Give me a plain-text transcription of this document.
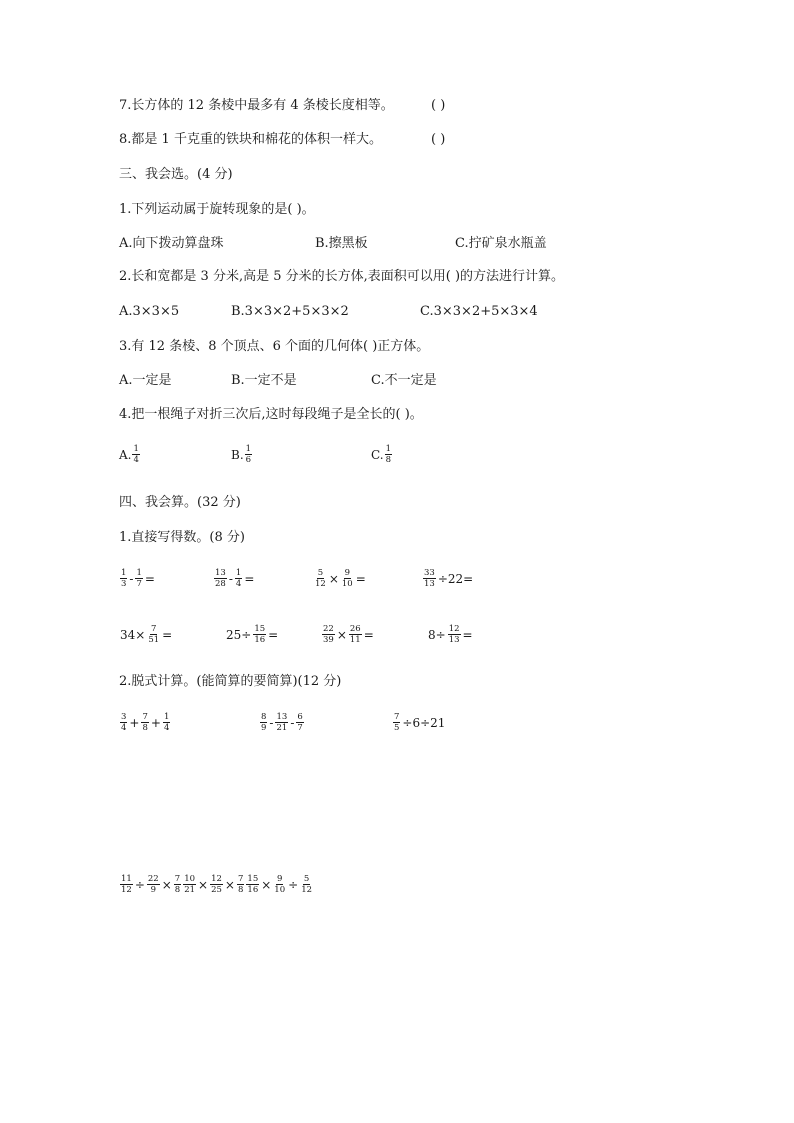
7.长方体的 12 条棱中最多有 4 条棱长度相等。	( )
8.都是 1 千克重的铁块和棉花的体积一样大。	( )
三、我会选。(4 分)
1.下列运动属于旋转现象的是( )。
A.向下拨动算盘珠	B.擦黑板	C.拧矿泉水瓶盖
2.长和宽都是 3 分米,高是 5 分米的长方体,表面积可以用( )的方法进行计算。
A.3×3×5	B.3×3×2+5×3×2	C.3×3×2+5×3×4
3.有 12 条棱、8 个顶点、6 个面的几何体( )正方体。
A.一定是	B.一定不是	C.不一定是
4.把一根绳子对折三次后,这时每段绳子是全长的( )。
A. $\frac{1}{4}$	B. $\frac{1}{6}$	C. $\frac{1}{8}$
四、我会算。(32 分)
1.直接写得数。(8 分)
$\frac{1}{3} - \frac{1}{7}$ =	$\frac{13}{28} - \frac{1}{4}$ =	$\frac{5}{12} \times \frac{9}{10}$ =	$\frac{33}{13} \div 22=$
$34\times \frac{7}{51}$ =	$25\div \frac{15}{16}$ =	$\frac{22}{39} \times \frac{26}{11}$ =	$8\div \frac{12}{13}$ =
2.脱式计算。(能简算的要简算)(12 分)
$\frac{3}{4} + \frac{7}{8} + \frac{1}{4}$	$\frac{8}{9} - \frac{13}{21} - \frac{6}{7}$	$\frac{7}{5} \div 6\div 21$
$\frac{11}{12} \div \frac{22}{9} \times \frac{7}{8} \frac{10}{21} \times \frac{12}{25} \times \frac{7}{8} \frac{15}{16} \times \frac{9}{10} \div \frac{5}{12}$
